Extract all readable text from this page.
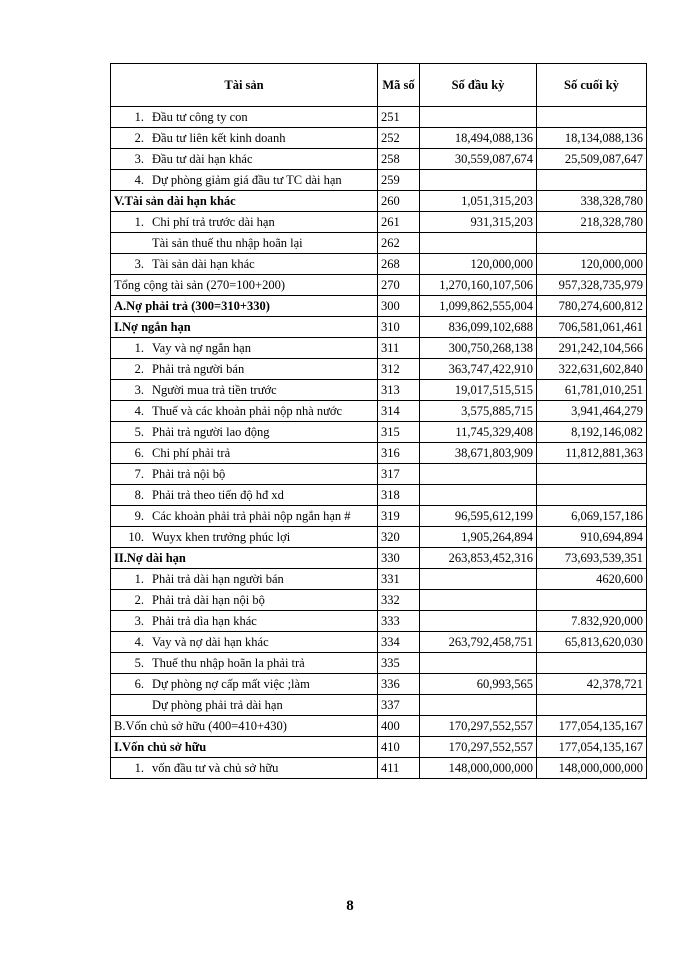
Tài sản	Mã số	Số đầu kỳ	Số cuối kỳ

1. Đầu tư công ty con	251		

2. Đầu tư liên kết kinh doanh	252	18,494,088,136	18,134,088,136

3. Đầu tư dài hạn khác	258	30,559,087,674	25,509,087,647

4. Dự phòng giảm giá đầu tư TC dài hạn	259		
V.Tài sản dài hạn khác	260	1,051,315,203	338,328,780

1. Chi phí trả trước dài hạn	261	931,315,203	218,328,780

Tài sản thuế thu nhập hoãn lại	262		

3. Tài sản dài hạn khác	268	120,000,000	120,000,000
Tổng cộng tài sản (270=100+200)	270	1,270,160,107,506	957,328,735,979
A.Nợ phải trả (300=310+330)	300	1,099,862,555,004	780,274,600,812
I.Nợ ngắn hạn	310	836,099,102,688	706,581,061,461

1. Vay và nợ ngắn hạn	311	300,750,268,138	291,242,104,566

2. Phải trả người bán	312	363,747,422,910	322,631,602,840

3. Người mua trả tiền trước	313	19,017,515,515	61,781,010,251

4. Thuế và các khoản phải nộp nhà nước	314	3,575,885,715	3,941,464,279

5. Phải trả người lao động	315	11,745,329,408	8,192,146,082

6. Chi phí phải trả	316	38,671,803,909	11,812,881,363

7. Phải trả nội bộ	317		

8. Phải trả theo tiến độ hđ xd	318		

9. Các khoản phải trả phải nộp ngắn hạn #	319	96,595,612,199	6,069,157,186

10. Wuyx khen trưởng phúc lợi	320	1,905,264,894	910,694,894
II.Nợ dài hạn	330	263,853,452,316	73,693,539,351

1. Phải trả dài hạn người bán	331		4620,600

2. Phải trả dài hạn nội bộ	332		

3. Phải trả dìa hạn khác	333		7.832,920,000

4. Vay và nợ dài hạn khác	334	263,792,458,751	65,813,620,030

5. Thuế thu nhập hoãn la phải trả	335		

6. Dự phòng nợ cấp mất việc ;làm	336	60,993,565	42,378,721

Dự phòng phải trả dài hạn	337		
B.Vốn chủ sở hữu (400=410+430)	400	170,297,552,557	177,054,135,167
I.Vốn chủ sở hữu	410	170,297,552,557	177,054,135,167

1. vốn đầu tư và chủ sở hữu	411	148,000,000,000	148,000,000,000
8
